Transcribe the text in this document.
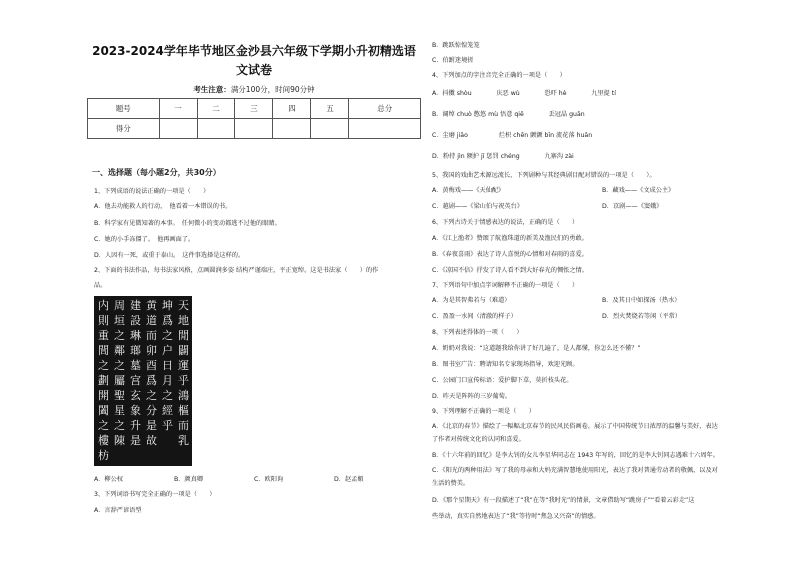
2023-2024学年毕节地区金沙县六年级下学期小升初精选语
文试卷
考生注意：满分100分，时间90分钟
题号	一	二	三	四	五	总分
得分						
一、选择题（每小题2分，共30分）
1、下列成语的说法正确的一项是（　　）
A．他去功能救人的行动，　他看着一本错误的书。
B．科学家有见微知著的本事。　任何微小的变动都逃不过他的眼睛。
C．她的小手冻僵了。　他再画面了。
D．人因有一死，或重于泰山。　这件事选择是这样的。
2、下面的书法作品，每书法家风格，点画圆润多姿 结构严谨端庄，平正宽绰。这是书法家（　　）的作
品。
天地閒闢運乎鴻樞而乳
坤爲之户日月之經乎
黄道而卯酉爲之分是故
建設琳瑯墓宫玄象升是
周垣之鄰之屬聖星之陳
内則重閭之劃開闔之樓枋
A．柳公权	B．颜真卿	C．欧阳询	D．赵孟頫
3、下列词语书写完全正确的一项是（　　）
A．言辞严谚语型
B．跳跃惊惶笼笼
C．伯跗迷境搓
4、下列加点的字注音完全正确的一项是（　　）
A．抖擞 shòu　　　　庆恶 wù　　　　恐吓 hè　　　　九里提 tí
B．阔绰 chuò 憋悠 mù 悟意 qiē　　　　丢冠晶 guān
C．尘磨 jiāo　　　　　烂枳 chēn 颤颤 bīn 流花落 huān
D．粉持 jìn 额护 jī 惩罚 chéng　　　　九寨沟 zài
5、我国的戏曲艺术源远流长，下列剧种与其经典剧目配对错误的一项是（　　）。
A．黄梅戏——《天仙配》	B．藏戏——《文成公主》
C．越剧——《梁山伯与祝英台》	D．京剧——《窦娥》
6、下列古诗关于情感表达的说法，正确的是（　　）
A．《江上渔者》赞颂了航渔珠道的新美及渔民们的勇敢。
B．《春夜喜雨》表达了诗人喜悦的心情和对春雨的喜爱。
C．《凉国不倍》抒发了诗人看不到大好春光的惆怅之情。
7、下列语句中加点字词解释不正确的一项是（　　）
A．为是其智弗若与（难道）	B．及其日中如探汤（热水）
C．盈盈一水间（清澈的样子）	D．烈火焚烧若等闲（平常）
8、下列表述得体的一项（　　）
A．奶奶对我说：“这道题我给你讲了好几遍了，是人都懂，你怎么还不懂？”
B．图书室广告：聘请知名专家现场指导，欢迎光顾。
C．公园门口宣传标语：爱护脚下草，莫折枝头花。
D．昨天是阵阵的三岁葡萄。
9、下列理解不正确的一项是（　　）
A．《北京的春节》描绘了一幅幅北京春节的民风民俗画卷，展示了中国传统节日浓厚的温馨与美好，表达
了作者对传统文化的认同和喜爱。
B．《十六年前的回忆》是李大钊的女儿李星华同志在 1943 年写的，回忆的是李大钊同志遇难十六周年。
C．《阳光的两种用法》写了我的母亲和大妈充满智慧地使用阳光，表达了我对普通劳动者的敬佩，以及对
生活的赞美。
D．《那个星期天》有一段描述了“我”在等“我时光”的情景，文章借助写“跳房子”“看着云彩走”这
些举动，真实自然地表达了“我”等待时“焦急又兴奋”的情感。
